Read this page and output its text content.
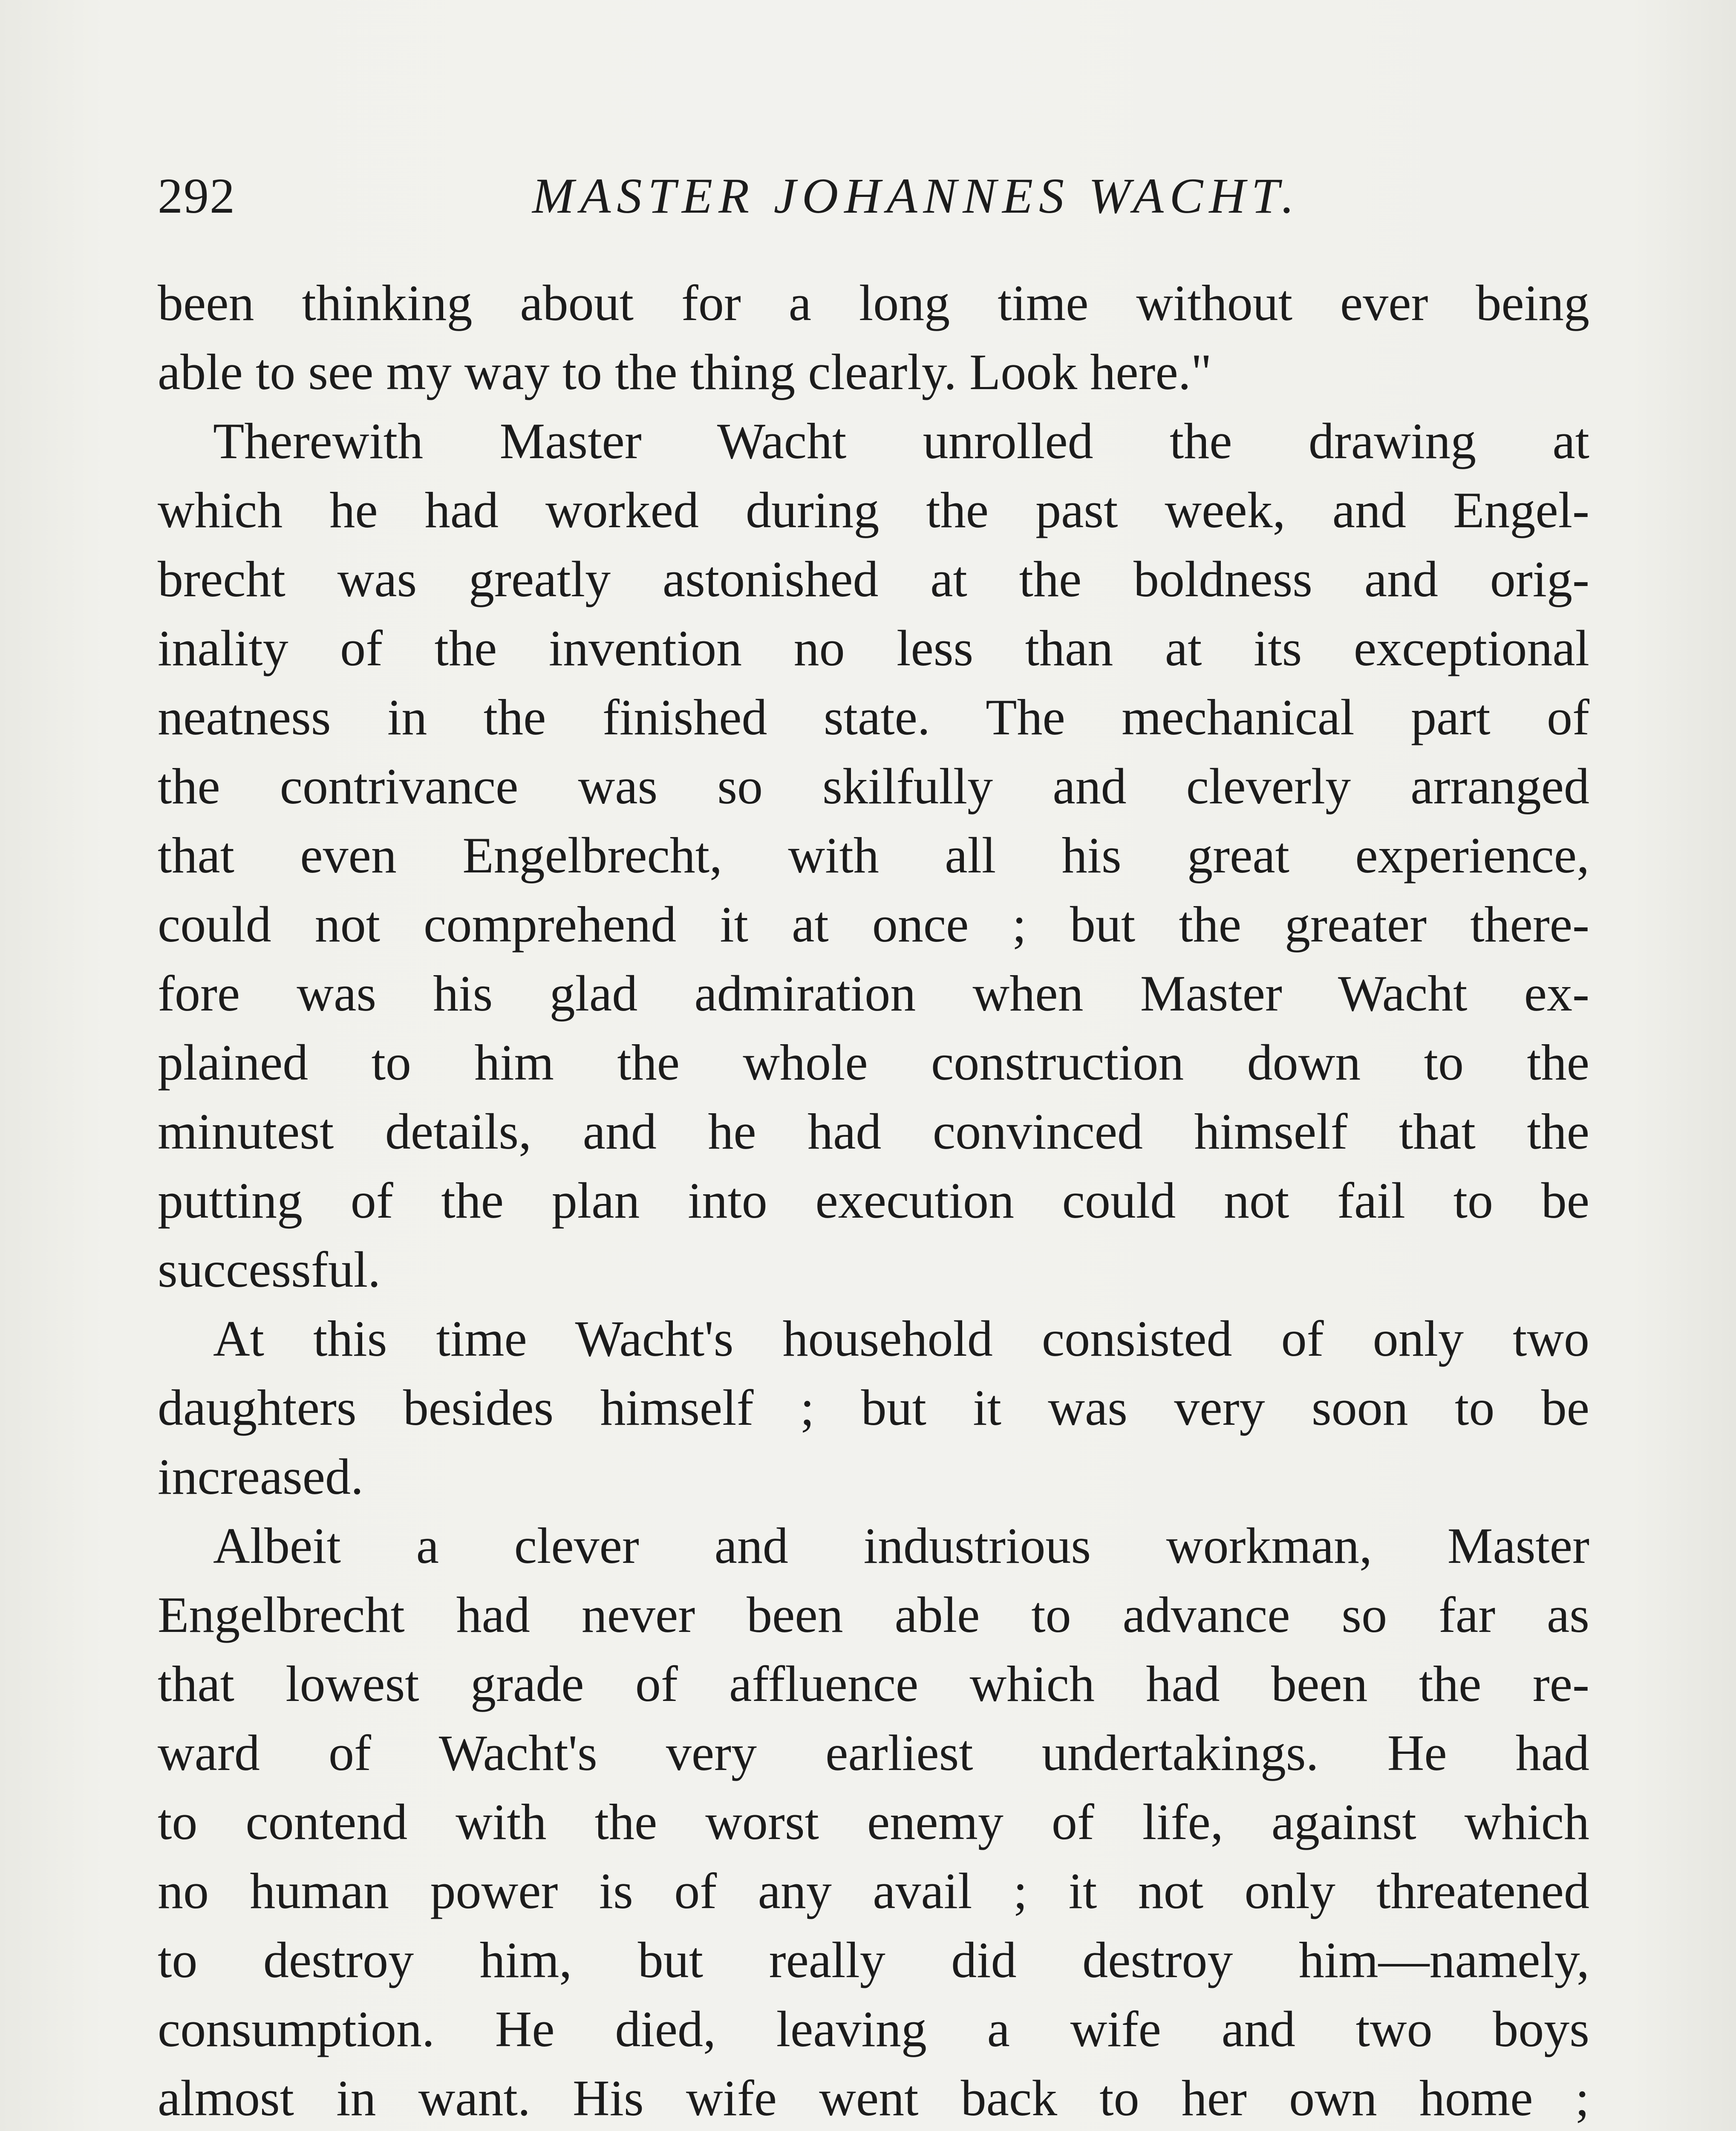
292	MASTER JOHANNES WACHT.
been thinking about for a long time without ever being
able to see my way to the thing clearly. Look here."
Therewith Master Wacht unrolled the drawing at
which he had worked during the past week, and Engel-
brecht was greatly astonished at the boldness and orig-
inality of the invention no less than at its exceptional
neatness in the finished state. The mechanical part of
the contrivance was so skilfully and cleverly arranged
that even Engelbrecht, with all his great experience,
could not comprehend it at once ; but the greater there-
fore was his glad admiration when Master Wacht ex-
plained to him the whole construction down to the
minutest details, and he had convinced himself that the
putting of the plan into execution could not fail to be
successful.
At this time Wacht's household consisted of only two
daughters besides himself ; but it was very soon to be
increased.
Albeit a clever and industrious workman, Master
Engelbrecht had never been able to advance so far as
that lowest grade of affluence which had been the re-
ward of Wacht's very earliest undertakings. He had
to contend with the worst enemy of life, against which
no human power is of any avail ; it not only threatened
to destroy him, but really did destroy him—namely,
consumption. He died, leaving a wife and two boys
almost in want. His wife went back to her own home ;
